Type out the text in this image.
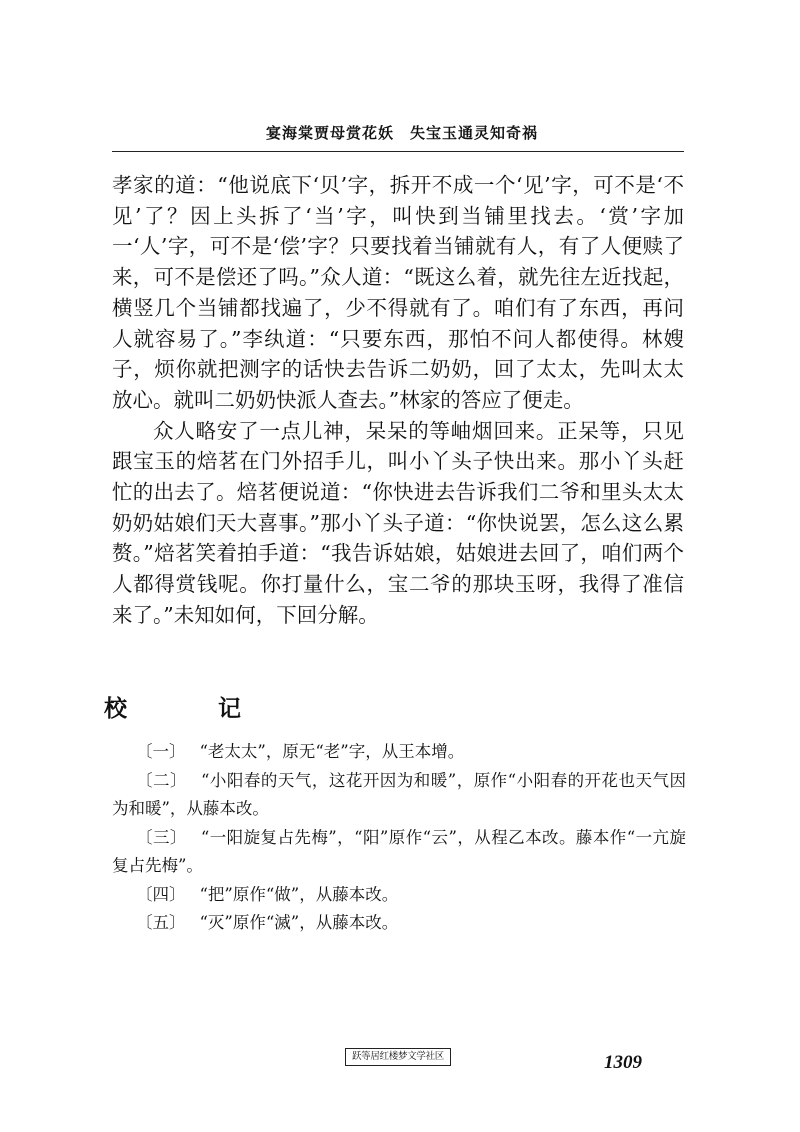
宴海棠贾母赏花妖　失宝玉通灵知奇祸

孝家的道：“他说底下‘贝’字，拆开不成一个‘见’字，可不是‘不见’了？因上头拆了‘当’字，叫快到当铺里找去。‘赏’字加一‘人’字，可不是‘偿’字？只要找着当铺就有人，有了人便赎了来，可不是偿还了吗。”众人道：“既这么着，就先往左近找起，横竖几个当铺都找遍了，少不得就有了。咱们有了东西，再问人就容易了。”李纨道：“只要东西，那怕不问人都使得。林嫂子，烦你就把测字的话快去告诉二奶奶，回了太太，先叫太太放心。就叫二奶奶快派人查去。”林家的答应了便走。

众人略安了一点儿神，呆呆的等岫烟回来。正呆等，只见跟宝玉的焙茗在门外招手儿，叫小丫头子快出来。那小丫头赶忙的出去了。焙茗便说道：“你快进去告诉我们二爷和里头太太奶奶姑娘们天大喜事。”那小丫头子道：“你快说罢，怎么这么累赘。”焙茗笑着拍手道：“我告诉姑娘，姑娘进去回了，咱们两个人都得赏钱呢。你打量什么，宝二爷的那块玉呀，我得了准信来了。”未知如何，下回分解。

校　记

〔一〕 “老太太”，原无“老”字，从王本增。

〔二〕 “小阳春的天气，这花开因为和暖”，原作“小阳春的开花也天气因为和暖”，从藤本改。

〔三〕 “一阳旋复占先梅”，“阳”原作“云”，从程乙本改。藤本作“一亢旋复占先梅”。

〔四〕 “把”原作“做”，从藤本改。

〔五〕 “灭”原作“滅”，从藤本改。

跃等居红楼梦文学社区	1309
